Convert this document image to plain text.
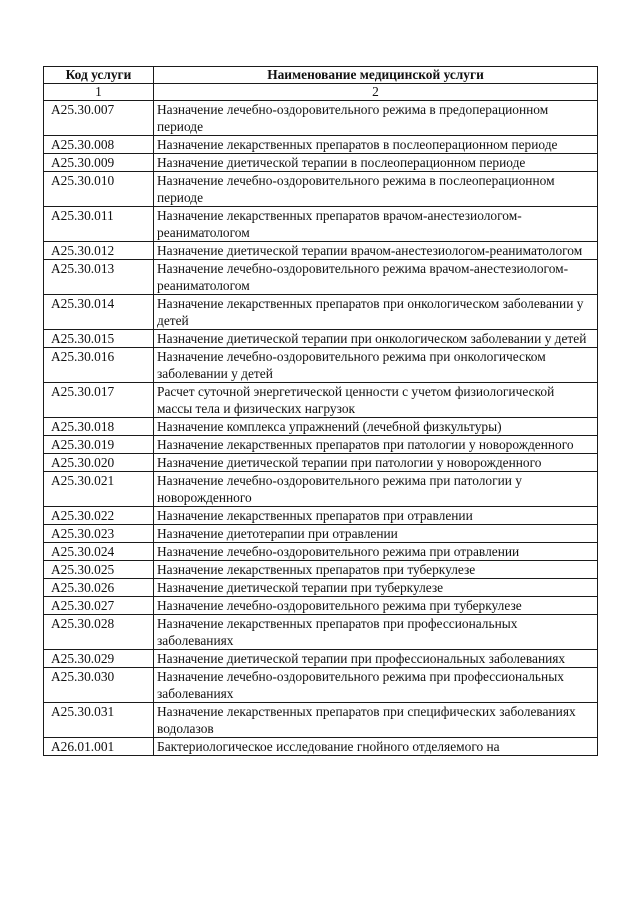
Код услуги	Наименование медицинской услуги
1	2
A25.30.007	Назначение лечебно-оздоровительного режима в предоперационном периоде
A25.30.008	Назначение лекарственных препаратов в послеоперационном периоде
A25.30.009	Назначение диетической терапии в послеоперационном периоде
A25.30.010	Назначение лечебно-оздоровительного режима в послеоперационном периоде
A25.30.011	Назначение лекарственных препаратов врачом-анестезиологом-реаниматологом
A25.30.012	Назначение диетической терапии врачом-анестезиологом-реаниматологом
A25.30.013	Назначение лечебно-оздоровительного режима врачом-анестезиологом-реаниматологом
A25.30.014	Назначение лекарственных препаратов при онкологическом заболевании у детей
A25.30.015	Назначение диетической терапии при онкологическом заболевании у детей
A25.30.016	Назначение лечебно-оздоровительного режима при онкологическом заболевании у детей
A25.30.017	Расчет суточной энергетической ценности с учетом физиологической массы тела и физических нагрузок
A25.30.018	Назначение комплекса упражнений (лечебной физкультуры)
A25.30.019	Назначение лекарственных препаратов при патологии у новорожденного
A25.30.020	Назначение диетической терапии при патологии у новорожденного
A25.30.021	Назначение лечебно-оздоровительного режима при патологии у новорожденного
A25.30.022	Назначение лекарственных препаратов при отравлении
A25.30.023	Назначение диетотерапии при отравлении
A25.30.024	Назначение лечебно-оздоровительного режима при отравлении
A25.30.025	Назначение лекарственных препаратов при туберкулезе
A25.30.026	Назначение диетической терапии при туберкулезе
A25.30.027	Назначение лечебно-оздоровительного режима при туберкулезе
A25.30.028	Назначение лекарственных препаратов при профессиональных заболеваниях
A25.30.029	Назначение диетической терапии при профессиональных заболеваниях
A25.30.030	Назначение лечебно-оздоровительного режима при профессиональных заболеваниях
A25.30.031	Назначение лекарственных препаратов при специфических заболеваниях водолазов
A26.01.001	Бактериологическое исследование гнойного отделяемого на
